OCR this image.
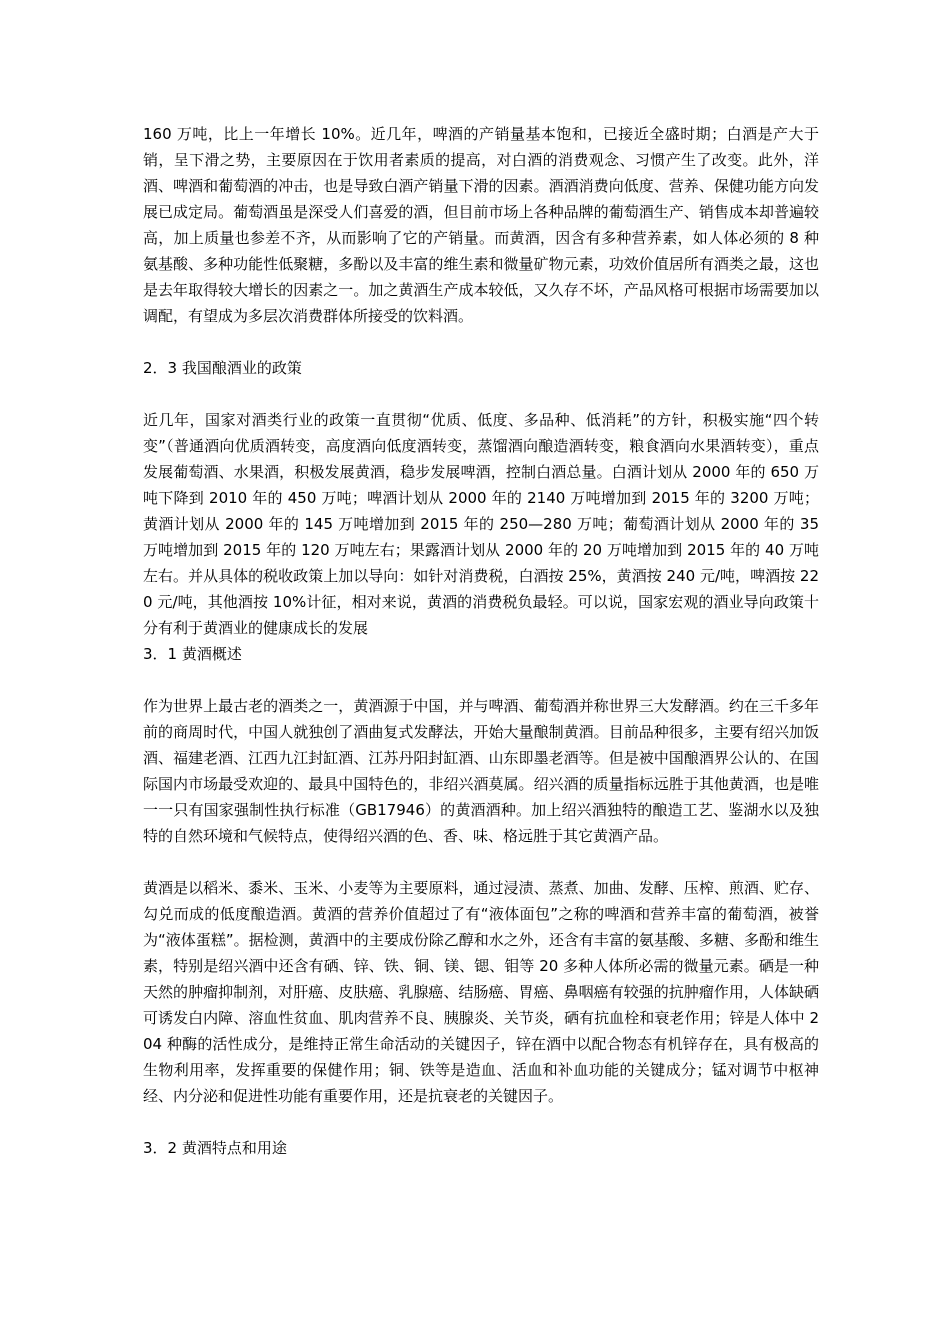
160 万吨，比上一年增长 10%。近几年，啤酒的产销量基本饱和，已接近全盛时期；白酒是产大于销，呈下滑之势，主要原因在于饮用者素质的提高，对白酒的消费观念、习惯产生了改变。此外，洋酒、啤酒和葡萄酒的冲击，也是导致白酒产销量下滑的因素。酒酒消费向低度、营养、保健功能方向发展已成定局。葡萄酒虽是深受人们喜爱的酒，但目前市场上各种品牌的葡萄酒生产、销售成本却普遍较高，加上质量也参差不齐，从而影响了它的产销量。而黄酒，因含有多种营养素，如人体必须的 8 种氨基酸、多种功能性低聚糖，多酚以及丰富的维生素和微量矿物元素，功效价值居所有酒类之最，这也是去年取得较大增长的因素之一。加之黄酒生产成本较低，又久存不坏，产品风格可根据市场需要加以调配，有望成为多层次消费群体所接受的饮料酒。

2．3 我国酿酒业的政策

近几年，国家对酒类行业的政策一直贯彻“优质、低度、多品种、低消耗”的方针，积极实施“四个转变”（普通酒向优质酒转变，高度酒向低度酒转变，蒸馏酒向酿造酒转变，粮食酒向水果酒转变），重点发展葡萄酒、水果酒，积极发展黄酒，稳步发展啤酒，控制白酒总量。白酒计划从 2000 年的 650 万吨下降到 2010 年的 450 万吨；啤酒计划从 2000 年的 2140 万吨增加到 2015 年的 3200 万吨；黄酒计划从 2000 年的 145 万吨增加到 2015 年的 250—280 万吨；葡萄酒计划从 2000 年的 35 万吨增加到 2015 年的 120 万吨左右；果露酒计划从 2000 年的 20 万吨增加到 2015 年的 40 万吨左右。并从具体的税收政策上加以导向：如针对消费税，白酒按 25%，黄酒按 240 元/吨，啤酒按 220 元/吨，其他酒按 10%计征，相对来说，黄酒的消费税负最轻。可以说，国家宏观的酒业导向政策十分有利于黄酒业的健康成长的发展

3．1 黄酒概述

作为世界上最古老的酒类之一，黄酒源于中国，并与啤酒、葡萄酒并称世界三大发酵酒。约在三千多年前的商周时代，中国人就独创了酒曲复式发酵法，开始大量酿制黄酒。目前品种很多，主要有绍兴加饭酒、福建老酒、江西九江封缸酒、江苏丹阳封缸酒、山东即墨老酒等。但是被中国酿酒界公认的、在国际国内市场最受欢迎的、最具中国特色的，非绍兴酒莫属。绍兴酒的质量指标远胜于其他黄酒，也是唯一一只有国家强制性执行标准（GB17946）的黄酒酒种。加上绍兴酒独特的酿造工艺、鉴湖水以及独特的自然环境和气候特点，使得绍兴酒的色、香、味、格远胜于其它黄酒产品。

黄酒是以稻米、黍米、玉米、小麦等为主要原料，通过浸渍、蒸煮、加曲、发酵、压榨、煎酒、贮存、勾兑而成的低度酿造酒。黄酒的营养价值超过了有“液体面包”之称的啤酒和营养丰富的葡萄酒，被誉为“液体蛋糕”。据检测，黄酒中的主要成份除乙醇和水之外，还含有丰富的氨基酸、多糖、多酚和维生素，特别是绍兴酒中还含有硒、锌、铁、铜、镁、锶、钼等 20 多种人体所必需的微量元素。硒是一种天然的肿瘤抑制剂，对肝癌、皮肤癌、乳腺癌、结肠癌、胃癌、鼻咽癌有较强的抗肿瘤作用，人体缺硒可诱发白内障、溶血性贫血、肌肉营养不良、胰腺炎、关节炎，硒有抗血栓和衰老作用；锌是人体中 204 种酶的活性成分，是维持正常生命活动的关键因子，锌在酒中以配合物态有机锌存在，具有极高的生物利用率，发挥重要的保健作用；铜、铁等是造血、活血和补血功能的关键成分；锰对调节中枢神经、内分泌和促进性功能有重要作用，还是抗衰老的关键因子。

3．2 黄酒特点和用途
